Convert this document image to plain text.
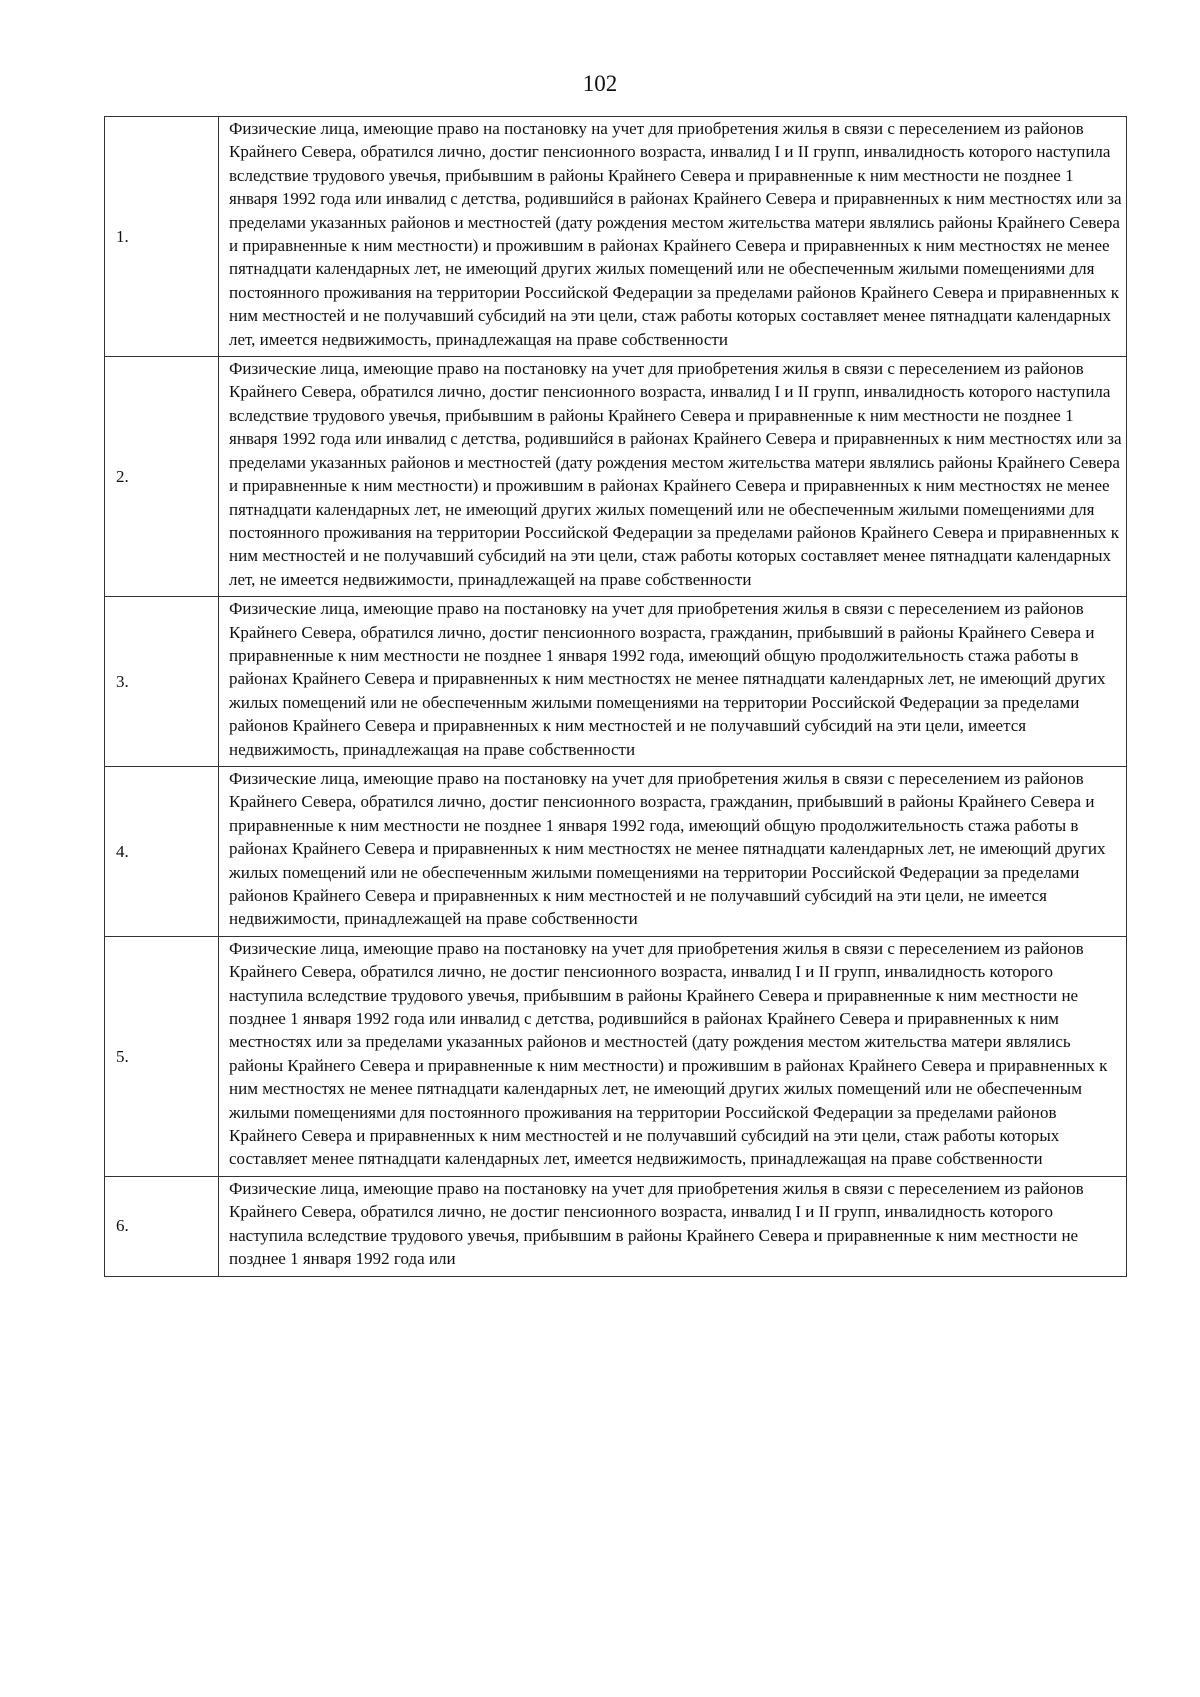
102
1.	Физические лица, имеющие право на постановку на учет для приобретения жилья в связи с переселением из районов Крайнего Севера, обратился лично, достиг пенсионного возраста, инвалид I и II групп, инвалидность которого наступила вследствие трудового увечья, прибывшим в районы Крайнего Севера и приравненные к ним местности не позднее 1 января 1992 года или инвалид с детства, родившийся в районах Крайнего Севера и приравненных к ним местностях или за пределами указанных районов и местностей (дату рождения местом жительства матери являлись районы Крайнего Севера и приравненные к ним местности) и прожившим в районах Крайнего Севера и приравненных к ним местностях не менее пятнадцати календарных лет, не имеющий других жилых помещений или не обеспеченным жилыми помещениями для постоянного проживания на территории Российской Федерации за пределами районов Крайнего Севера и приравненных к ним местностей и не получавший субсидий на эти цели, стаж работы которых составляет менее пятнадцати календарных лет, имеется недвижимость, принадлежащая на праве собственности
2.	Физические лица, имеющие право на постановку на учет для приобретения жилья в связи с переселением из районов Крайнего Севера, обратился лично, достиг пенсионного возраста, инвалид I и II групп, инвалидность которого наступила вследствие трудового увечья, прибывшим в районы Крайнего Севера и приравненные к ним местности не позднее 1 января 1992 года или инвалид с детства, родившийся в районах Крайнего Севера и приравненных к ним местностях или за пределами указанных районов и местностей (дату рождения местом жительства матери являлись районы Крайнего Севера и приравненные к ним местности) и прожившим в районах Крайнего Севера и приравненных к ним местностях не менее пятнадцати календарных лет, не имеющий других жилых помещений или не обеспеченным жилыми помещениями для постоянного проживания на территории Российской Федерации за пределами районов Крайнего Севера и приравненных к ним местностей и не получавший субсидий на эти цели, стаж работы которых составляет менее пятнадцати календарных лет, не имеется недвижимости, принадлежащей на праве собственности
3.	Физические лица, имеющие право на постановку на учет для приобретения жилья в связи с переселением из районов Крайнего Севера, обратился лично, достиг пенсионного возраста, гражданин, прибывший в районы Крайнего Севера и приравненные к ним местности не позднее 1 января 1992 года, имеющий общую продолжительность стажа работы в районах Крайнего Севера и приравненных к ним местностях не менее пятнадцати календарных лет, не имеющий других жилых помещений или не обеспеченным жилыми помещениями на территории Российской Федерации за пределами районов Крайнего Севера и приравненных к ним местностей и не получавший субсидий на эти цели, имеется недвижимость, принадлежащая на праве собственности
4.	Физические лица, имеющие право на постановку на учет для приобретения жилья в связи с переселением из районов Крайнего Севера, обратился лично, достиг пенсионного возраста, гражданин, прибывший в районы Крайнего Севера и приравненные к ним местности не позднее 1 января 1992 года, имеющий общую продолжительность стажа работы в районах Крайнего Севера и приравненных к ним местностях не менее пятнадцати календарных лет, не имеющий других жилых помещений или не обеспеченным жилыми помещениями на территории Российской Федерации за пределами районов Крайнего Севера и приравненных к ним местностей и не получавший субсидий на эти цели, не имеется недвижимости, принадлежащей на праве собственности
5.	Физические лица, имеющие право на постановку на учет для приобретения жилья в связи с переселением из районов Крайнего Севера, обратился лично, не достиг пенсионного возраста, инвалид I и II групп, инвалидность которого наступила вследствие трудового увечья, прибывшим в районы Крайнего Севера и приравненные к ним местности не позднее 1 января 1992 года или инвалид с детства, родившийся в районах Крайнего Севера и приравненных к ним местностях или за пределами указанных районов и местностей (дату рождения местом жительства матери являлись районы Крайнего Севера и приравненные к ним местности) и прожившим в районах Крайнего Севера и приравненных к ним местностях не менее пятнадцати календарных лет, не имеющий других жилых помещений или не обеспеченным жилыми помещениями для постоянного проживания на территории Российской Федерации за пределами районов Крайнего Севера и приравненных к ним местностей и не получавший субсидий на эти цели, стаж работы которых составляет менее пятнадцати календарных лет, имеется недвижимость, принадлежащая на праве собственности
6.	Физические лица, имеющие право на постановку на учет для приобретения жилья в связи с переселением из районов Крайнего Севера, обратился лично, не достиг пенсионного возраста, инвалид I и II групп, инвалидность которого наступила вследствие трудового увечья, прибывшим в районы Крайнего Севера и приравненные к ним местности не позднее 1 января 1992 года или
